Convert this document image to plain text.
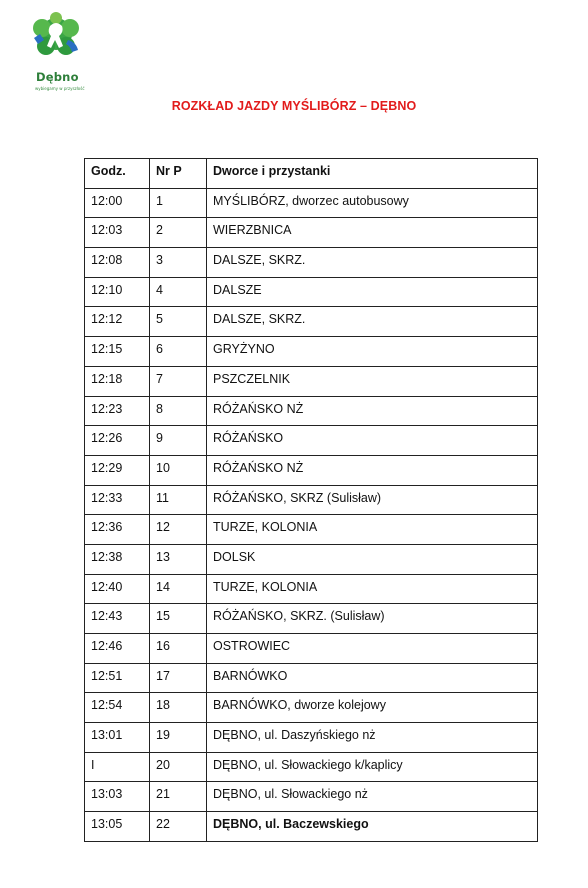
Dębno
wybiegamy w przyszłość
ROZKŁAD JAZDY MYŚLIBÓRZ – DĘBNO
Godz.	Nr P	Dworce i przystanki
12:00	1	MYŚLIBÓRZ, dworzec autobusowy
12:03	2	WIERZBNICA
12:08	3	DALSZE, SKRZ.
12:10	4	DALSZE
12:12	5	DALSZE, SKRZ.
12:15	6	GRYŻYNO
12:18	7	PSZCZELNIK
12:23	8	RÓŻAŃSKO NŻ
12:26	9	RÓŻAŃSKO
12:29	10	RÓŻAŃSKO NŻ
12:33	11	RÓŻAŃSKO, SKRZ (Sulisław)
12:36	12	TURZE, KOLONIA
12:38	13	DOLSK
12:40	14	TURZE, KOLONIA
12:43	15	RÓŻAŃSKO, SKRZ. (Sulisław)
12:46	16	OSTROWIEC
12:51	17	BARNÓWKO
12:54	18	BARNÓWKO, dworze kolejowy
13:01	19	DĘBNO, ul. Daszyńskiego nż
I	20	DĘBNO, ul. Słowackiego k/kaplicy
13:03	21	DĘBNO, ul. Słowackiego nż
13:05	22	DĘBNO, ul. Baczewskiego
